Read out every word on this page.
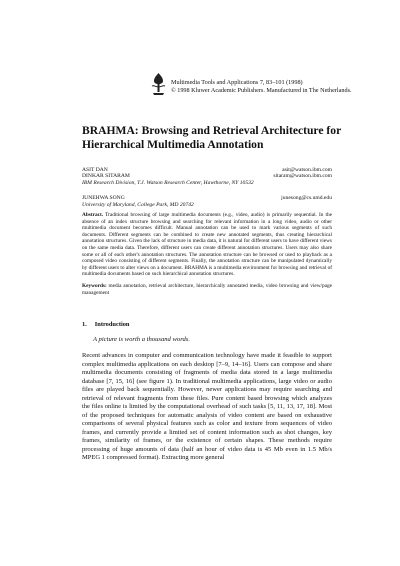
Multimedia Tools and Applications 7, 83–101 (1998)
© 1998 Kluwer Academic Publishers. Manufactured in The Netherlands.
BRAHMA: Browsing and Retrieval Architecture for Hierarchical Multimedia Annotation
ASIT DAN	asit@watson.ibm.com
DINKAR SITARAM	sitaram@watson.ibm.com
IBM Research Division, T.J. Watson Research Center, Hawthorne, NY 10532
JUNEHWA SONG	junesong@cs.umd.edu
University of Maryland, College Park, MD 20742
Abstract. Traditional browsing of large multimedia documents (e.g., video, audio) is primarily sequential. In the absence of an index structure browsing and searching for relevant information in a long video, audio or other multimedia document becomes difficult. Manual annotation can be used to mark various segments of such documents. Different segments can be combined to create new annotated segments, thus creating hierarchical annotation structures. Given the lack of structure in media data, it is natural for different users to have different views on the same media data. Therefore, different users can create different annotation structures. Users may also share some or all of each other's annotation structures. The annotation structure can be browsed or used to playback as a composed video consisting of different segments. Finally, the annotation structure can be manipulated dynamically by different users to alter views on a document. BRAHMA is a multimedia environment for browsing and retrieval of multimedia documents based on such hierarchical annotation structures.
Keywords: media annotation, retrieval architecture, hierarchically annotated media, video browsing and view/page management
1. Introduction
A picture is worth a thousand words.
Recent advances in computer and communication technology have made it feasible to support complex multimedia applications on each desktop [7–9, 14–16]. Users can compose and share multimedia documents consisting of fragments of media data stored in a large multimedia database [7, 15, 16] (see figure 1). In traditional multimedia applications, large video or audio files are played back sequentially. However, newer applications may require searching and retrieval of relevant fragments from these files. Pure content based browsing which analyzes the files online is limited by the computational overhead of such tasks [5, 11, 13, 17, 18]. Most of the proposed techniques for automatic analysis of video content are based on exhaustive comparisons of several physical features such as color and texture from sequences of video frames, and currently provide a limited set of content information such as shot changes, key frames, similarity of frames, or the existence of certain shapes. These methods require processing of huge amounts of data (half an hour of video data is 45 Mb even in 1.5 Mb/s MPEG 1 compressed format). Extracting more general
